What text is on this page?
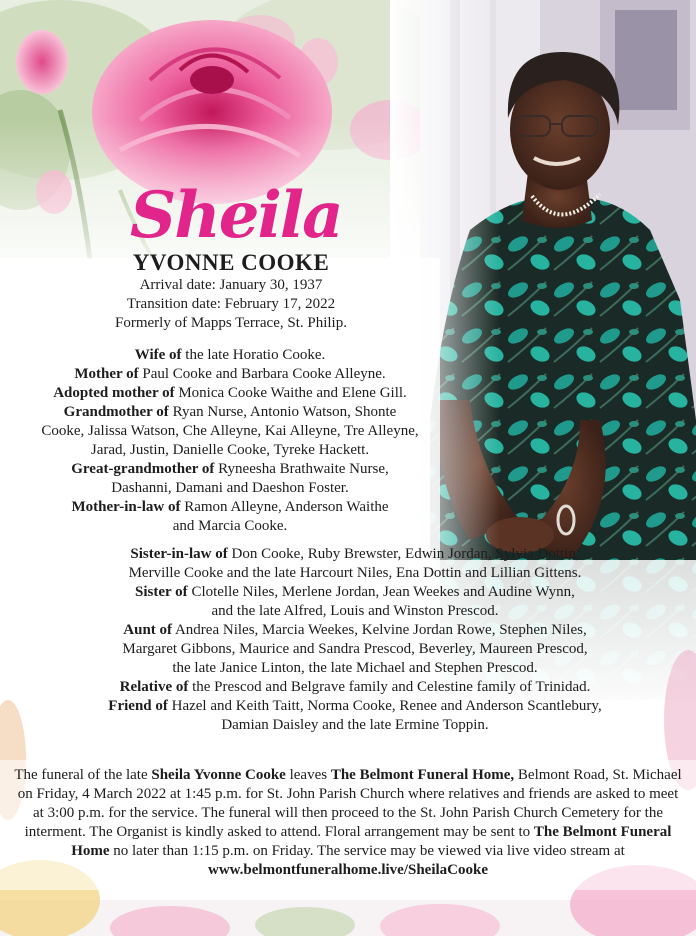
Sheila
YVONNE COOKE
Arrival date: January 30, 1937
Transition date: February 17, 2022
Formerly of Mapps Terrace, St. Philip.
Wife of the late Horatio Cooke.
Mother of Paul Cooke and Barbara Cooke Alleyne.
Adopted mother of Monica Cooke Waithe and Elene Gill.
Grandmother of Ryan Nurse, Antonio Watson, Shonte
Cooke, Jalissa Watson, Che Alleyne, Kai Alleyne, Tre Alleyne,
Jarad, Justin, Danielle Cooke, Tyreke Hackett.
Great-grandmother of Ryneesha Brathwaite Nurse,
Dashanni, Damani and Daeshon Foster.
Mother-in-law of Ramon Alleyne, Anderson Waithe
and Marcia Cooke.
Sister-in-law of Don Cooke, Ruby Brewster, Edwin Jordan, Sylvia Dottin,
Merville Cooke and the late Harcourt Niles, Ena Dottin and Lillian Gittens.
Sister of Clotelle Niles, Merlene Jordan, Jean Weekes and Audine Wynn,
and the late Alfred, Louis and Winston Prescod.
Aunt of Andrea Niles, Marcia Weekes, Kelvine Jordan Rowe, Stephen Niles,
Margaret Gibbons, Maurice and Sandra Prescod, Beverley, Maureen Prescod,
the late Janice Linton, the late Michael and Stephen Prescod.
Relative of the Prescod and Belgrave family and Celestine family of Trinidad.
Friend of Hazel and Keith Taitt, Norma Cooke, Renee and Anderson Scantlebury,
Damian Daisley and the late Ermine Toppin.
The funeral of the late Sheila Yvonne Cooke leaves The Belmont Funeral Home, Belmont Road, St. Michael on Friday, 4 March 2022 at 1:45 p.m. for St. John Parish Church where relatives and friends are asked to meet at 3:00 p.m. for the service. The funeral will then proceed to the St. John Parish Church Cemetery for the interment. The Organist is kindly asked to attend. Floral arrangement may be sent to The Belmont Funeral Home no later than 1:15 p.m. on Friday. The service may be viewed via live video stream at
www.belmontfuneralhome.live/SheilaCooke
